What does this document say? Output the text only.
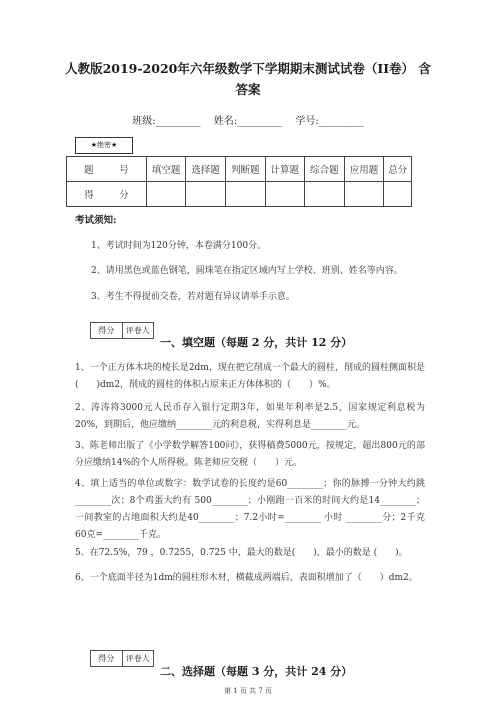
人教版2019-2020年六年级数学下学期期末测试试卷（II卷） 含答案
班级:_________ 姓名:_________ 学号:_________
★绝密★
题　号	填空题	选择题	判断题	计算题	综合题	应用题	总分
得　分							
考试须知:
1、考试时间为120分钟，本卷满分100分。
2、请用黑色或蓝色钢笔，圆珠笔在指定区域内写上学校、班别、姓名等内容。
3、考生不得提前交卷，若对题有异议请举手示意。
得分	评卷人
一、填空题（每题 2 分，共计 12 分）
1、一个正方体木块的棱长是2dm，现在把它削成一个最大的圆柱，削成的圆柱侧面积是(　　)dm2，削成的圆柱的体积占原来正方体体积的（　　）%。
2、涛涛将3000元人民币存入银行定期3年，如果年利率是2.5，国家规定利息税为20%，到期后，他应缴纳________元的利息税，实得利息是________元。
3、陈老师出版了《小学数学解答100问》，获得稿费5000元，按规定，超出800元的部分应缴纳14%的个人所得税。陈老师应交税（　　）元。
4、填上适当的单位或数字：数学试卷的长度约是60________；你的脉搏一分钟大约跳________次；8个鸡蛋大约有 500________；小刚跑一百米的时间大约是14________；一间教室的占地面积大约是40________；7.2小时=________ 小时 ________分；2千克60克=________千克。
5、在72.5%，79 ，0.7255，0.725 中，最大的数是(　　)，最小的数是 (　　)。
6、一个底面半径为1dm的圆柱形木材，横截成两端后，表面积增加了（　　）dm2。
得分	评卷人
二、选择题（每题 3 分，共计 24 分）
第 1 页 共 7 页
